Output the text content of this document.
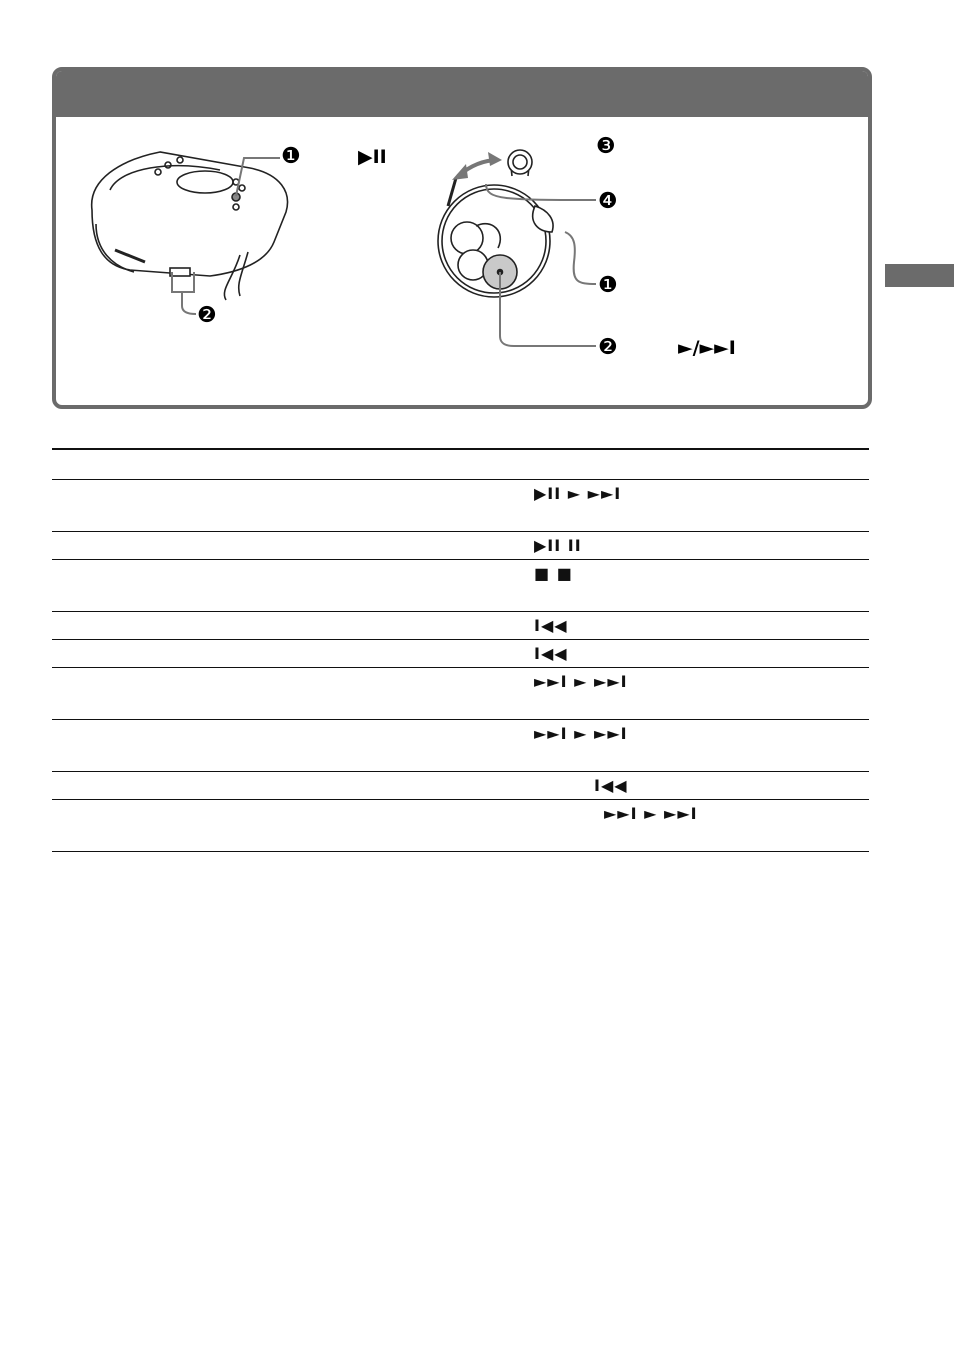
❶	▶II
❷
❸
❹
❶
❷	►/►►I

	▶II ► ►►I

	▶II II

	■ ■

	I◀◀

	I◀◀

	►►I ► ►►I

	►►I ► ►►I

	I◀◀

	►►I ► ►►I
